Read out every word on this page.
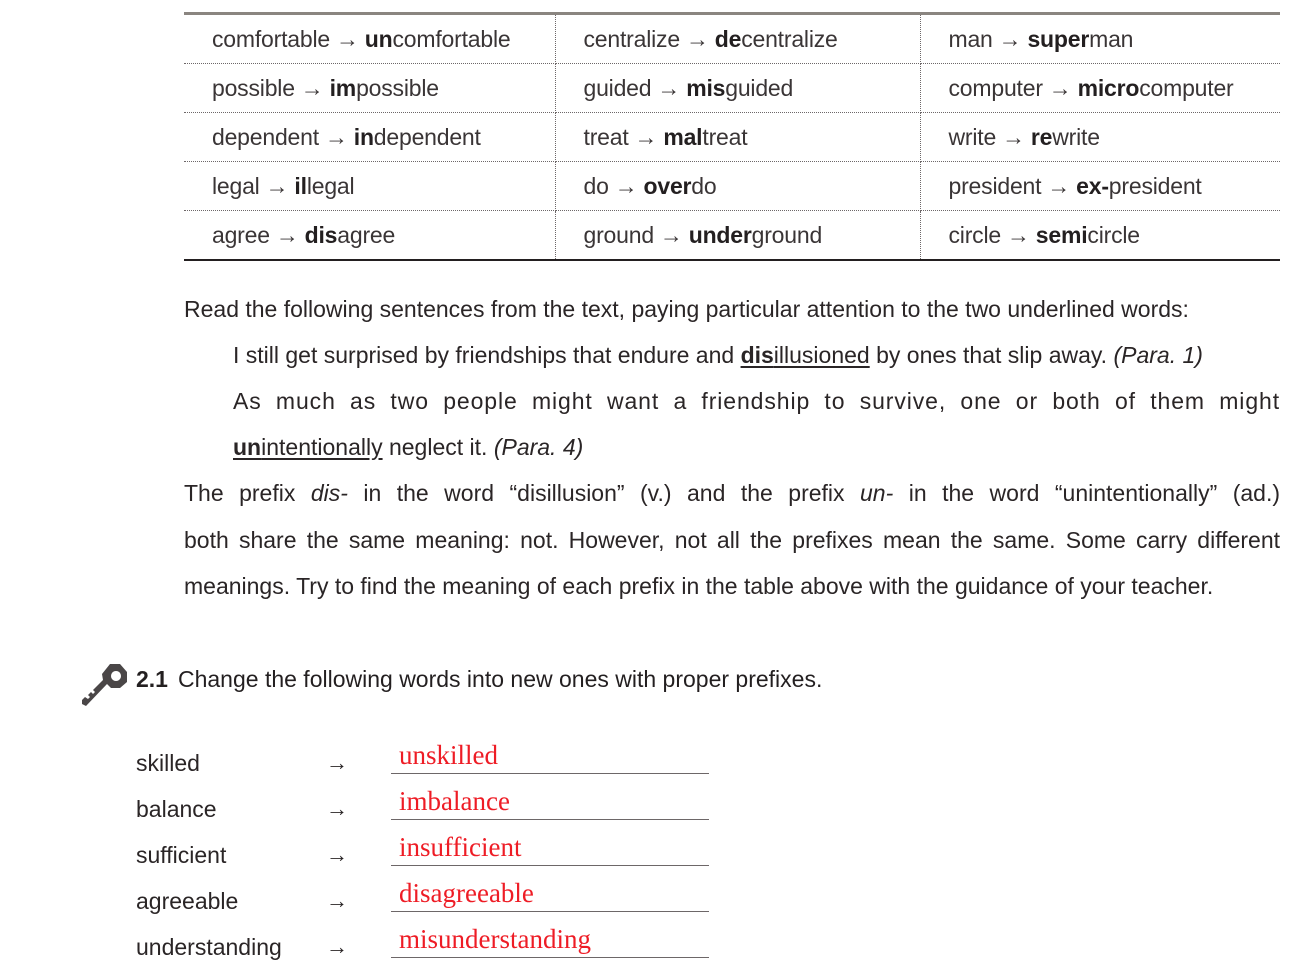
comfortable → uncomfortable	centralize → decentralize	man → superman
possible → impossible	guided → misguided	computer → microcomputer
dependent → independent	treat → maltreat	write → rewrite
legal → illegal	do → overdo	president → ex-president
agree → disagree	ground → underground	circle → semicircle
Read the following sentences from the text, paying particular attention to the two underlined words:
I still get surprised by friendships that endure and disillusioned by ones that slip away. (Para. 1)
As much as two people might want a friendship to survive, one or both of them might
unintentionally neglect it. (Para. 4)
The prefix dis- in the word “disillusion” (v.) and the prefix un- in the word “unintentionally” (ad.)
both share the same meaning: not. However, not all the prefixes mean the same. Some carry different
meanings. Try to find the meaning of each prefix in the table above with the guidance of your teacher.
2.1 Change the following words into new ones with proper prefixes.
skilled	→ unskilled
balance	→ imbalance
sufficient	→ insufficient
agreeable	→ disagreeable
understanding → misunderstanding
